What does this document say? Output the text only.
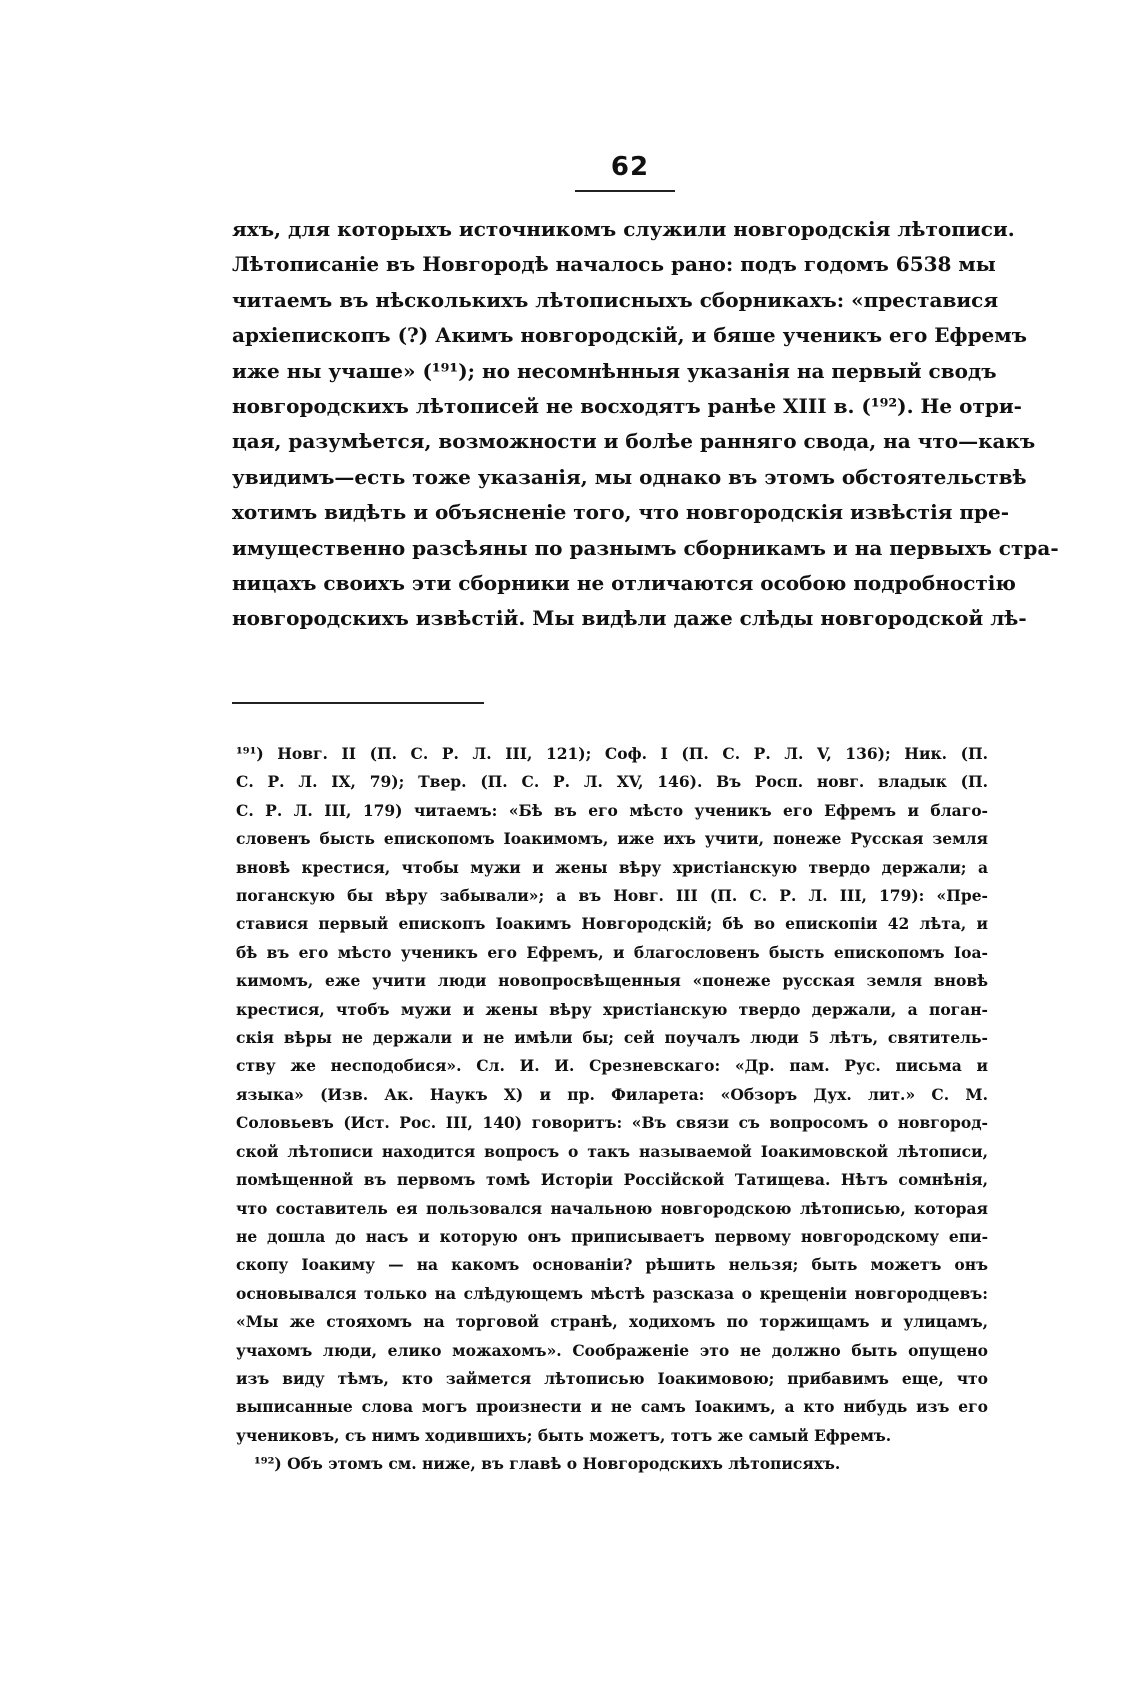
62
яхъ, для которыхъ источникомъ служили новгородскія лѣтописи.
Лѣтописаніе въ Новгородѣ началось рано: подъ годомъ 6538 мы
читаемъ въ нѣсколькихъ лѣтописныхъ сборникахъ: «преставися
архіепископъ (?) Акимъ новгородскій, и бяше ученикъ его Ефремъ
иже ны учаше» (¹⁹¹); но несомнѣнныя указанія на первый сводъ
новгородскихъ лѣтописей не восходятъ ранѣе XIII в. (¹⁹²). Не отри-
цая, разумѣется, возможности и болѣе ранняго свода, на что—какъ
увидимъ—есть тоже указанія, мы однако въ этомъ обстоятельствѣ
хотимъ видѣть и объясненіе того, что новгородскія извѣстія пре-
имущественно разсѣяны по разнымъ сборникамъ и на первыхъ стра-
ницахъ своихъ эти сборники не отличаются особою подробностію
новгородскихъ извѣстій. Мы видѣли даже слѣды новгородской лѣ-
¹⁹¹) Новг. II (П. С. Р. Л. III, 121); Соф. I (П. С. Р. Л. V, 136); Ник. (П.
С. Р. Л. IX, 79); Твер. (П. С. Р. Л. XV, 146). Въ Росп. новг. владык (П.
С. Р. Л. III, 179) читаемъ: «Бѣ въ его мѣсто ученикъ его Ефремъ и благо-
словенъ бысть епископомъ Іоакимомъ, иже ихъ учити, понеже Русская земля
вновѣ крестися, чтобы мужи и жены вѣру христіанскую твердо держали; а
поганскую бы вѣру забывали»; а въ Новг. III (П. С. Р. Л. III, 179): «Пре-
ставися первый епископъ Іоакимъ Новгородскій; бѣ во епископіи 42 лѣта, и
бѣ въ его мѣсто ученикъ его Ефремъ, и благословенъ бысть епископомъ Іоа-
кимомъ, еже учити люди новопросвѣщенныя «понеже русская земля вновѣ
крестися, чтобъ мужи и жены вѣру христіанскую твердо держали, а поган-
скія вѣры не держали и не имѣли бы; сей поучалъ люди 5 лѣтъ, святитель-
ству же несподобися». Сл. И. И. Срезневскаго: «Др. пам. Рус. письма и
языка» (Изв. Ак. Наукъ X) и пр. Филарета: «Обзоръ Дух. лит.» С. М.
Соловьевъ (Ист. Рос. III, 140) говоритъ: «Въ связи съ вопросомъ о новгород-
ской лѣтописи находится вопросъ о такъ называемой Іоакимовской лѣтописи,
помѣщенной въ первомъ томѣ Исторіи Россійской Татищева. Нѣтъ сомнѣнія,
что составитель ея пользовался начальною новгородскою лѣтописью, которая
не дошла до насъ и которую онъ приписываетъ первому новгородскому епи-
скопу Іоакиму — на какомъ основаніи? рѣшить нельзя; быть можетъ онъ
основывался только на слѣдующемъ мѣстѣ разсказа о крещеніи новгородцевъ:
«Мы же стояхомъ на торговой странѣ, ходихомъ по торжищамъ и улицамъ,
учахомъ люди, елико можахомъ». Соображеніе это не должно быть опущено
изъ виду тѣмъ, кто займется лѣтописью Іоакимовою; прибавимъ еще, что
выписанные слова могъ произнести и не самъ Іоакимъ, а кто нибудь изъ его
учениковъ, съ нимъ ходившихъ; быть можетъ, тотъ же самый Ефремъ.
¹⁹²) Объ этомъ см. ниже, въ главѣ о Новгородскихъ лѣтописяхъ.
